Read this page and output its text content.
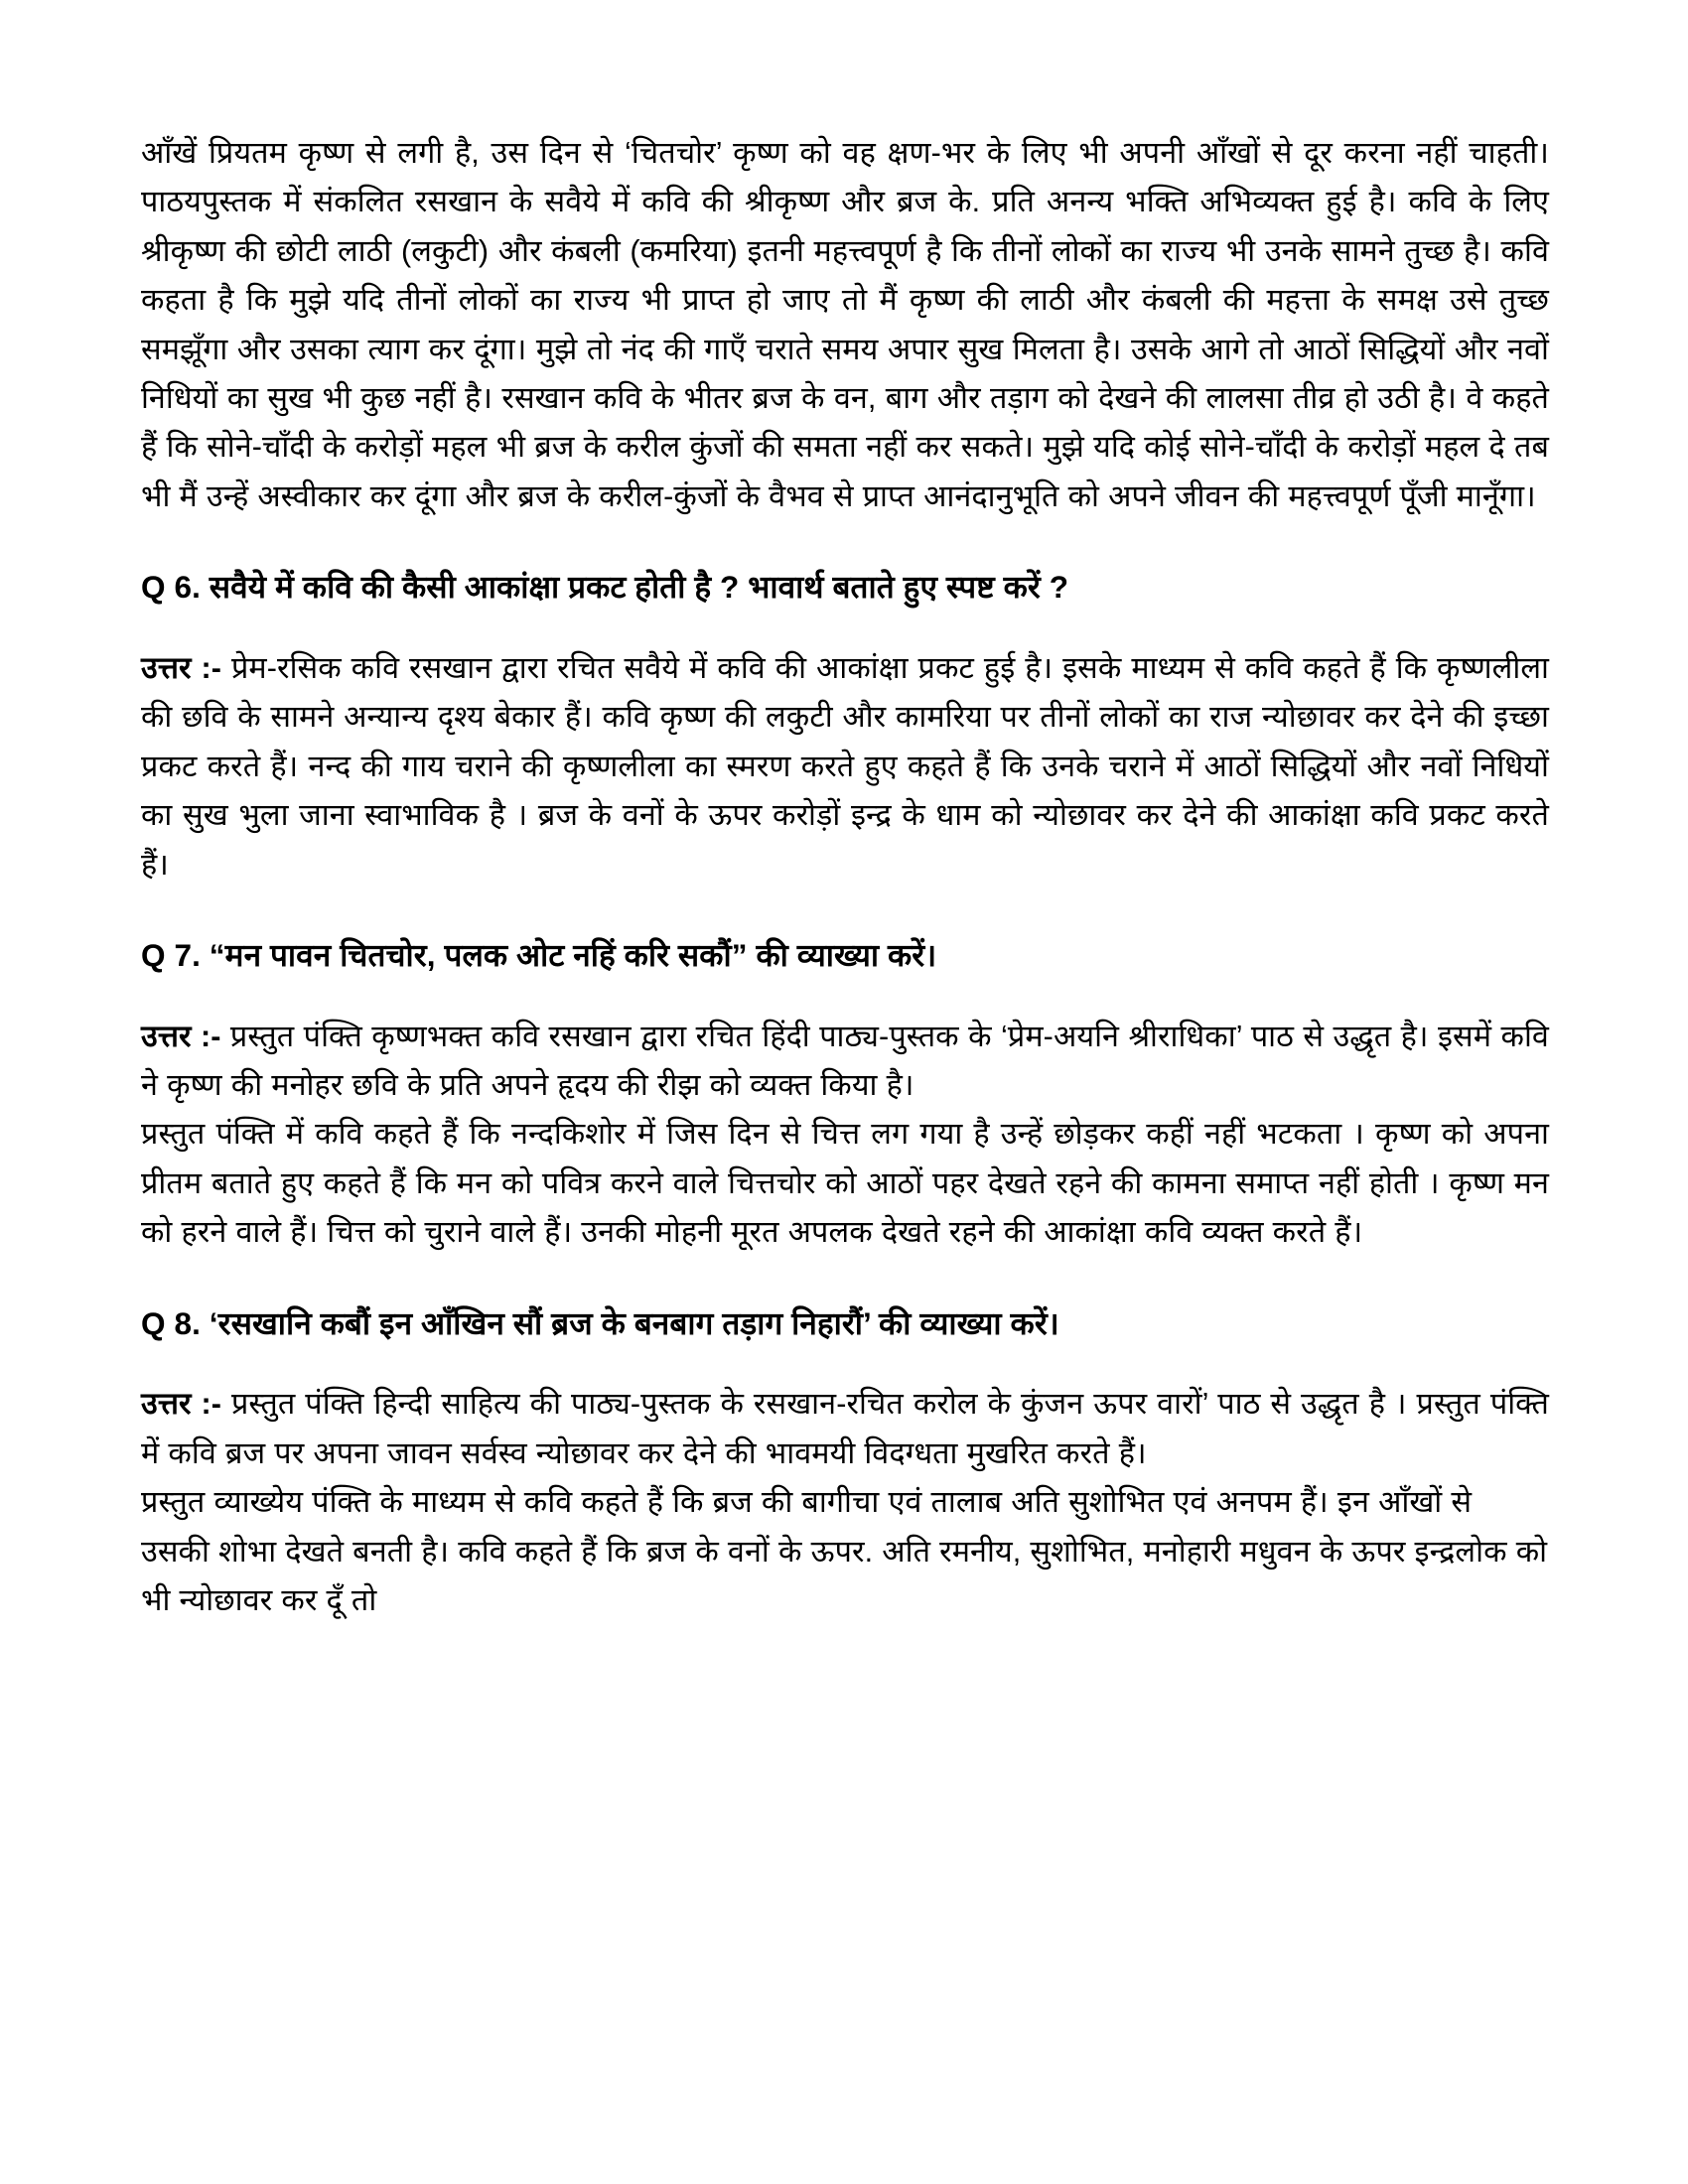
आँखें प्रियतम कृष्ण से लगी है, उस दिन से ‘चितचोर’ कृष्ण को वह क्षण-भर के लिए भी अपनी आँखों से दूर करना नहीं चाहती। पाठयपुस्तक में संकलित रसखान के सवैये में कवि की श्रीकृष्ण और ब्रज के. प्रति अनन्य भक्ति अभिव्यक्त हुई है। कवि के लिए श्रीकृष्ण की छोटी लाठी (लकुटी) और कंबली (कमरिया) इतनी महत्त्वपूर्ण है कि तीनों लोकों का राज्य भी उनके सामने तुच्छ है। कवि कहता है कि मुझे यदि तीनों लोकों का राज्य भी प्राप्त हो जाए तो मैं कृष्ण की लाठी और कंबली की महत्ता के समक्ष उसे तुच्छ समझूँगा और उसका त्याग कर दूंगा। मुझे तो नंद की गाएँ चराते समय अपार सुख मिलता है। उसके आगे तो आठों सिद्धियों और नवों निधियों का सुख भी कुछ नहीं है। रसखान कवि के भीतर ब्रज के वन, बाग और तड़ाग को देखने की लालसा तीव्र हो उठी है। वे कहते हैं कि सोने-चाँदी के करोड़ों महल भी ब्रज के करील कुंजों की समता नहीं कर सकते। मुझे यदि कोई सोने-चाँदी के करोड़ों महल दे तब भी मैं उन्हें अस्वीकार कर दूंगा और ब्रज के करील-कुंजों के वैभव से प्राप्त आनंदानुभूति को अपने जीवन की महत्त्वपूर्ण पूँजी मानूँगा।

Q 6. सवैये में कवि की कैसी आकांक्षा प्रकट होती है ? भावार्थ बताते हुए स्पष्ट करें ?

उत्तर :- प्रेम-रसिक कवि रसखान द्वारा रचित सवैये में कवि की आकांक्षा प्रकट हुई है। इसके माध्यम से कवि कहते हैं कि कृष्णलीला की छवि के सामने अन्यान्य दृश्य बेकार हैं। कवि कृष्ण की लकुटी और कामरिया पर तीनों लोकों का राज न्योछावर कर देने की इच्छा प्रकट करते हैं। नन्द की गाय चराने की कृष्णलीला का स्मरण करते हुए कहते हैं कि उनके चराने में आठों सिद्धियों और नवों निधियों का सुख भुला जाना स्वाभाविक है । ब्रज के वनों के ऊपर करोड़ों इन्द्र के धाम को न्योछावर कर देने की आकांक्षा कवि प्रकट करते हैं।

Q 7. “मन पावन चितचोर, पलक ओट नहिं करि सकौं” की व्याख्या करें।

उत्तर :- प्रस्तुत पंक्ति कृष्णभक्त कवि रसखान द्वारा रचित हिंदी पाठ्य-पुस्तक के ‘प्रेम-अयनि श्रीराधिका’ पाठ से उद्धृत है। इसमें कवि ने कृष्ण की मनोहर छवि के प्रति अपने हृदय की रीझ को व्यक्त किया है।

प्रस्तुत पंक्ति में कवि कहते हैं कि नन्दकिशोर में जिस दिन से चित्त लग गया है उन्हें छोड़कर कहीं नहीं भटकता । कृष्ण को अपना प्रीतम बताते हुए कहते हैं कि मन को पवित्र करने वाले चित्तचोर को आठों पहर देखते रहने की कामना समाप्त नहीं होती । कृष्ण मन को हरने वाले हैं। चित्त को चुराने वाले हैं। उनकी मोहनी मूरत अपलक देखते रहने की आकांक्षा कवि व्यक्त करते हैं।

Q 8. ‘रसखानि कबौं इन आँखिन सौं ब्रज के बनबाग तड़ाग निहारौं’ की व्याख्या करें।

उत्तर :- प्रस्तुत पंक्ति हिन्दी साहित्य की पाठ्य-पुस्तक के रसखान-रचित करोल के कुंजन ऊपर वारों’ पाठ से उद्धृत है । प्रस्तुत पंक्ति में कवि ब्रज पर अपना जावन सर्वस्व न्योछावर कर देने की भावमयी विदग्धता मुखरित करते हैं।

प्रस्तुत व्याख्येय पंक्ति के माध्यम से कवि कहते हैं कि ब्रज की बागीचा एवं तालाब अति सुशोभित एवं अनपम हैं। इन आँखों से उसकी शोभा देखते बनती है। कवि कहते हैं कि ब्रज के वनों के ऊपर. अति रमनीय, सुशोभित, मनोहारी मधुवन के ऊपर इन्द्रलोक को भी न्योछावर कर दूँ तो
